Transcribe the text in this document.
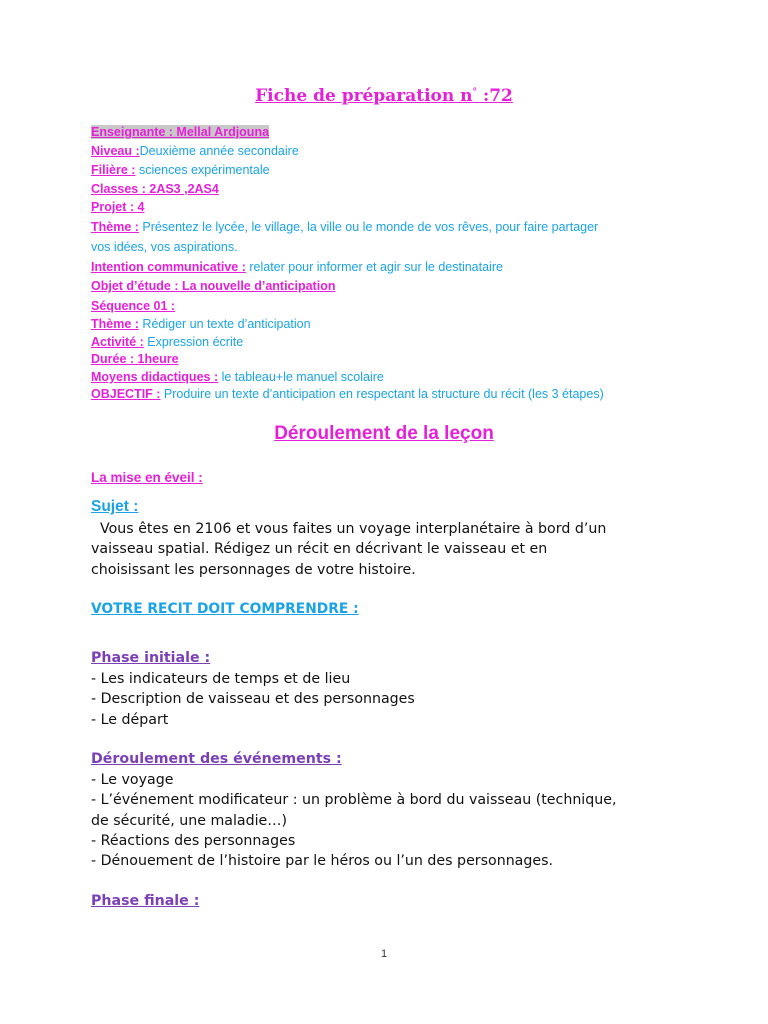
Fiche de préparation n° :72
Enseignante : Mellal Ardjouna
Niveau :Deuxième année secondaire
Filière : sciences expérimentale
Classes : 2AS3 ,2AS4
Projet : 4
Thème : Présentez le lycée, le village, la ville ou le monde de vos rêves, pour faire partager
vos idées, vos aspirations.
Intention communicative : relater pour informer et agir sur le destinataire
Objet d’étude : La nouvelle d’anticipation
Séquence 01 :
Thème : Rédiger un texte d’anticipation
Activité : Expression écrite
Durée : 1heure
Moyens didactiques : le tableau+le manuel scolaire
OBJECTIF : Produire un texte d’anticipation en respectant la structure du récit (les 3 étapes)
Déroulement de la leçon
La mise en éveil :
Sujet :
Vous êtes en 2106 et vous faites un voyage interplanétaire à bord d’un
vaisseau spatial. Rédigez un récit en décrivant le vaisseau et en
choisissant les personnages de votre histoire.
VOTRE RECIT DOIT COMPRENDRE :
Phase initiale :
- Les indicateurs de temps et de lieu
- Description de vaisseau et des personnages
- Le départ
Déroulement des événements :
- Le voyage
- L’événement modificateur : un problème à bord du vaisseau (technique,
de sécurité, une maladie…)
- Réactions des personnages
- Dénouement de l’histoire par le héros ou l’un des personnages.
Phase finale :
1
